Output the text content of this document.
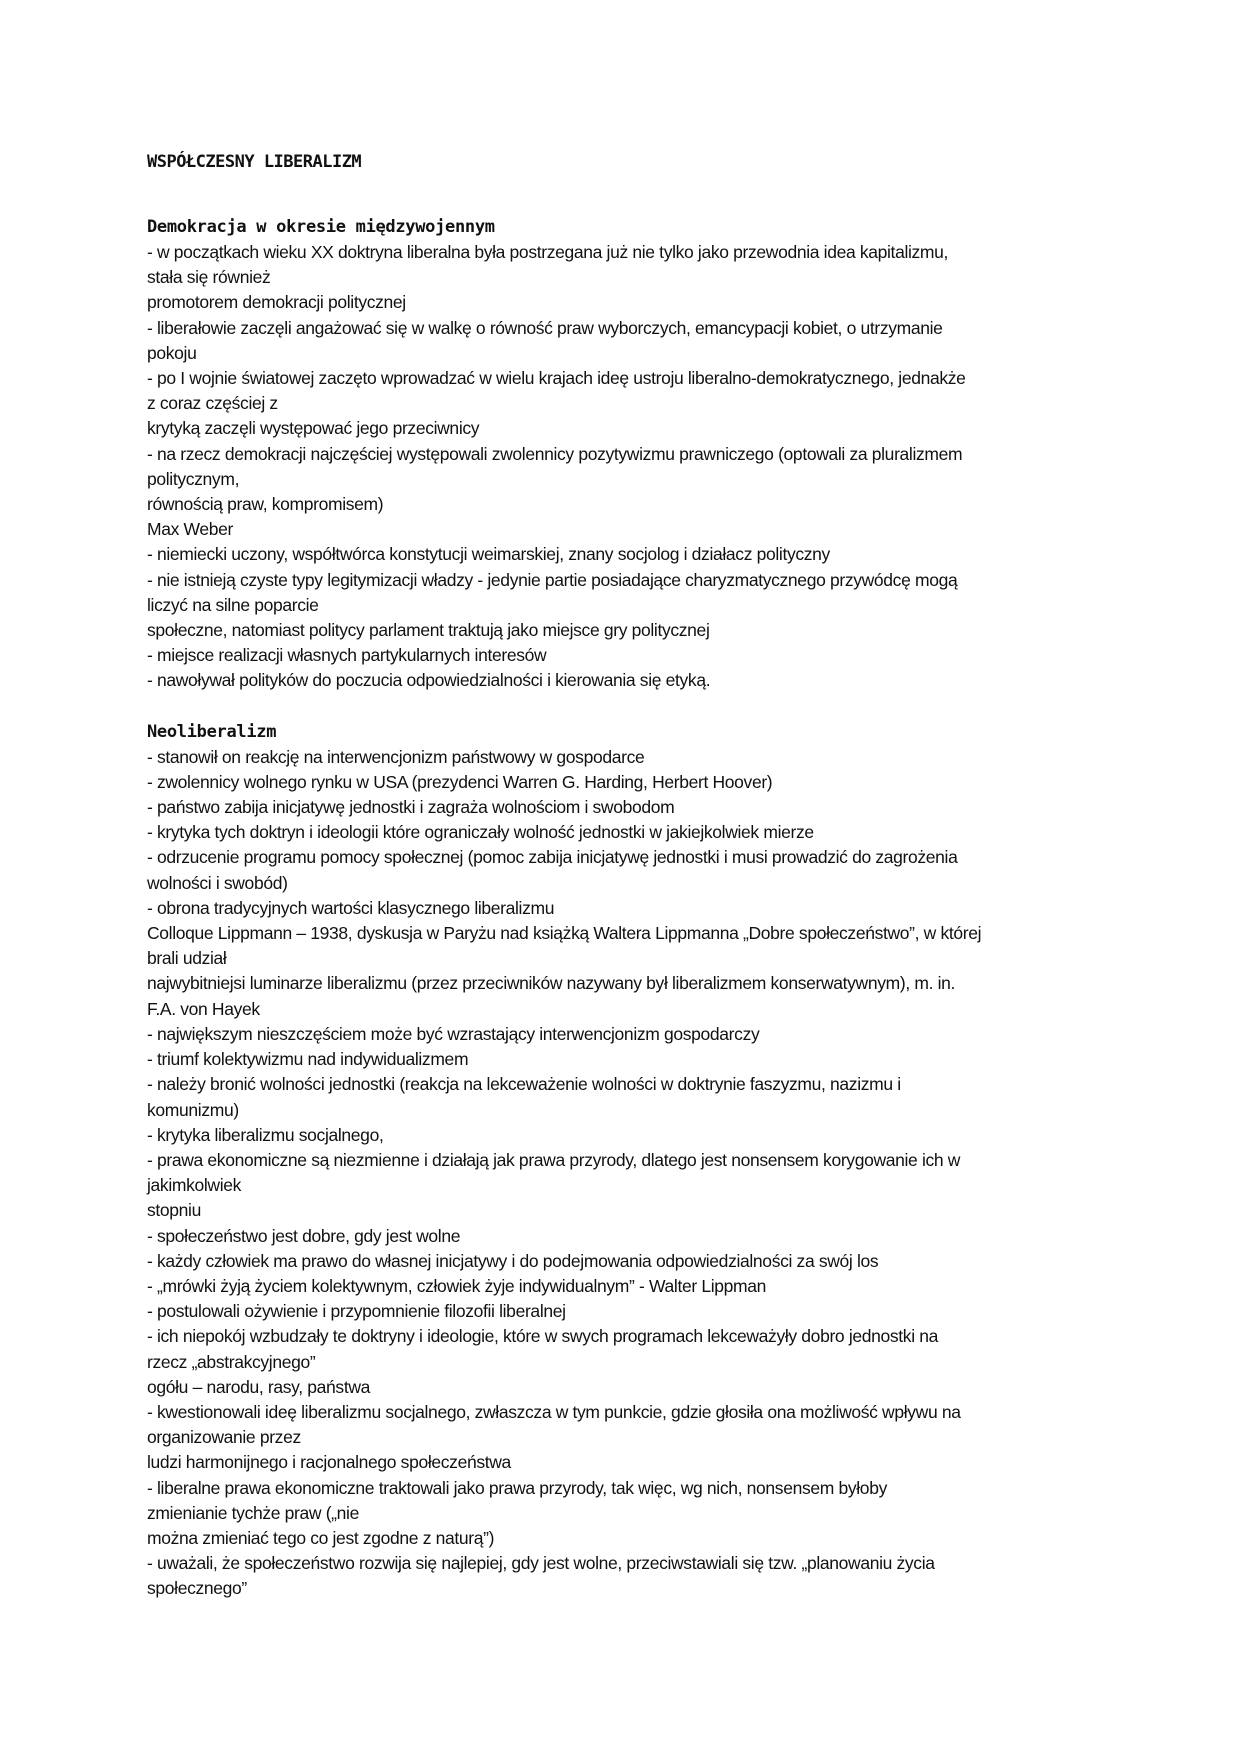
WSPÓŁCZESNY LIBERALIZM
Demokracja w okresie międzywojennym
- w początkach wieku XX doktryna liberalna była postrzegana już nie tylko jako przewodnia idea kapitalizmu,
stała się również
promotorem demokracji politycznej
- liberałowie zaczęli angażować się w walkę o równość praw wyborczych, emancypacji kobiet, o utrzymanie
pokoju
- po I wojnie światowej zaczęto wprowadzać w wielu krajach ideę ustroju liberalno-demokratycznego, jednakże
z coraz częściej z
krytyką zaczęli występować jego przeciwnicy
- na rzecz demokracji najczęściej występowali zwolennicy pozytywizmu prawniczego (optowali za pluralizmem
politycznym,
równością praw, kompromisem)
Max Weber
- niemiecki uczony, współtwórca konstytucji weimarskiej, znany socjolog i działacz polityczny
- nie istnieją czyste typy legitymizacji władzy - jedynie partie posiadające charyzmatycznego przywódcę mogą
liczyć na silne poparcie
społeczne, natomiast politycy parlament traktują jako miejsce gry politycznej
- miejsce realizacji własnych partykularnych interesów
- nawoływał polityków do poczucia odpowiedzialności i kierowania się etyką.
Neoliberalizm
- stanowił on reakcję na interwencjonizm państwowy w gospodarce
- zwolennicy wolnego rynku w USA (prezydenci Warren G. Harding, Herbert Hoover)
- państwo zabija inicjatywę jednostki i zagraża wolnościom i swobodom
- krytyka tych doktryn i ideologii które ograniczały wolność jednostki w jakiejkolwiek mierze
- odrzucenie programu pomocy społecznej (pomoc zabija inicjatywę jednostki i musi prowadzić do zagrożenia
wolności i swobód)
- obrona tradycyjnych wartości klasycznego liberalizmu
Colloque Lippmann – 1938, dyskusja w Paryżu nad książką Waltera Lippmanna „Dobre społeczeństwo”, w której
brali udział
najwybitniejsi luminarze liberalizmu (przez przeciwników nazywany był liberalizmem konserwatywnym), m. in.
F.A. von Hayek
- największym nieszczęściem może być wzrastający interwencjonizm gospodarczy
- triumf kolektywizmu nad indywidualizmem
- należy bronić wolności jednostki (reakcja na lekceważenie wolności w doktrynie faszyzmu, nazizmu i
komunizmu)
- krytyka liberalizmu socjalnego,
- prawa ekonomiczne są niezmienne i działają jak prawa przyrody, dlatego jest nonsensem korygowanie ich w
jakimkolwiek
stopniu
- społeczeństwo jest dobre, gdy jest wolne
- każdy człowiek ma prawo do własnej inicjatywy i do podejmowania odpowiedzialności za swój los
- „mrówki żyją życiem kolektywnym, człowiek żyje indywidualnym” - Walter Lippman
- postulowali ożywienie i przypomnienie filozofii liberalnej
- ich niepokój wzbudzały te doktryny i ideologie, które w swych programach lekceważyły dobro jednostki na
rzecz „abstrakcyjnego”
ogółu – narodu, rasy, państwa
- kwestionowali ideę liberalizmu socjalnego, zwłaszcza w tym punkcie, gdzie głosiła ona możliwość wpływu na
organizowanie przez
ludzi harmonijnego i racjonalnego społeczeństwa
- liberalne prawa ekonomiczne traktowali jako prawa przyrody, tak więc, wg nich, nonsensem byłoby
zmienianie tychże praw („nie
można zmieniać tego co jest zgodne z naturą”)
- uważali, że społeczeństwo rozwija się najlepiej, gdy jest wolne, przeciwstawiali się tzw. „planowaniu życia
społecznego”
